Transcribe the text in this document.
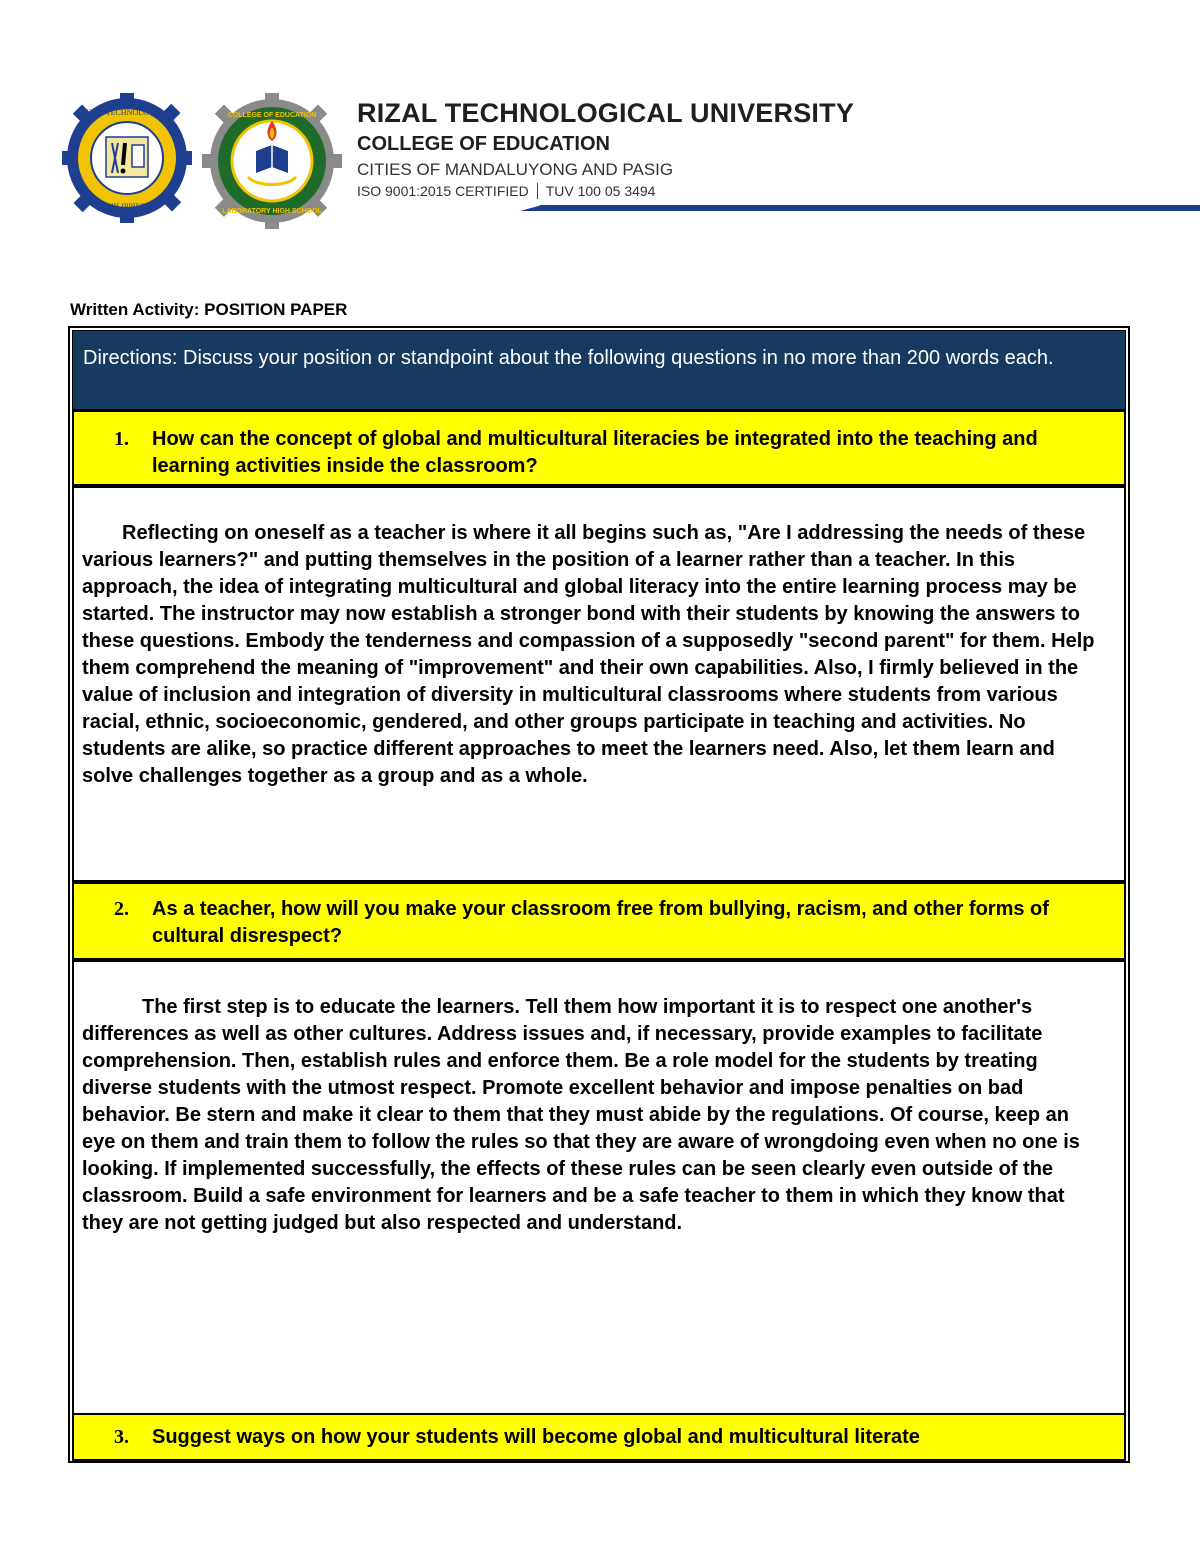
RIZAL TECHNOLOGICAL
PHILIPPINES
COLLEGE OF EDUCATION
LABORATORY HIGH SCHOOL
RIZAL TECHNOLOGICAL UNIVERSITY
COLLEGE OF EDUCATION
CITIES OF MANDALUYONG AND PASIG
ISO 9001:2015 CERTIFIED TUV 100 05 3494
Written Activity: POSITION PAPER
Directions: Discuss your position or standpoint about the following questions in no more than 200 words each.
1. How can the concept of global and multicultural literacies be integrated into the teaching and learning activities inside the classroom?

Reflecting on oneself as a teacher is where it all begins such as, "Are I addressing the needs of these various learners?" and putting themselves in the position of a learner rather than a teacher. In this approach, the idea of integrating multicultural and global literacy into the entire learning process may be started. The instructor may now establish a stronger bond with their students by knowing the answers to these questions. Embody the tenderness and compassion of a supposedly "second parent" for them. Help them comprehend the meaning of "improvement" and their own capabilities. Also, I firmly believed in the value of inclusion and integration of diversity in multicultural classrooms where students from various racial, ethnic, socioeconomic, gendered, and other groups participate in teaching and activities. No students are alike, so practice different approaches to meet the learners need. Also, let them learn and solve challenges together as a group and as a whole.

2. As a teacher, how will you make your classroom free from bullying, racism, and other forms of cultural disrespect?

The first step is to educate the learners. Tell them how important it is to respect one another's differences as well as other cultures. Address issues and, if necessary, provide examples to facilitate comprehension. Then, establish rules and enforce them. Be a role model for the students by treating diverse students with the utmost respect. Promote excellent behavior and impose penalties on bad behavior. Be stern and make it clear to them that they must abide by the regulations. Of course, keep an eye on them and train them to follow the rules so that they are aware of wrongdoing even when no one is looking. If implemented successfully, the effects of these rules can be seen clearly even outside of the classroom. Build a safe environment for learners and be a safe teacher to them in which they know that they are not getting judged but also respected and understand.

3. Suggest ways on how your students will become global and multicultural literate
